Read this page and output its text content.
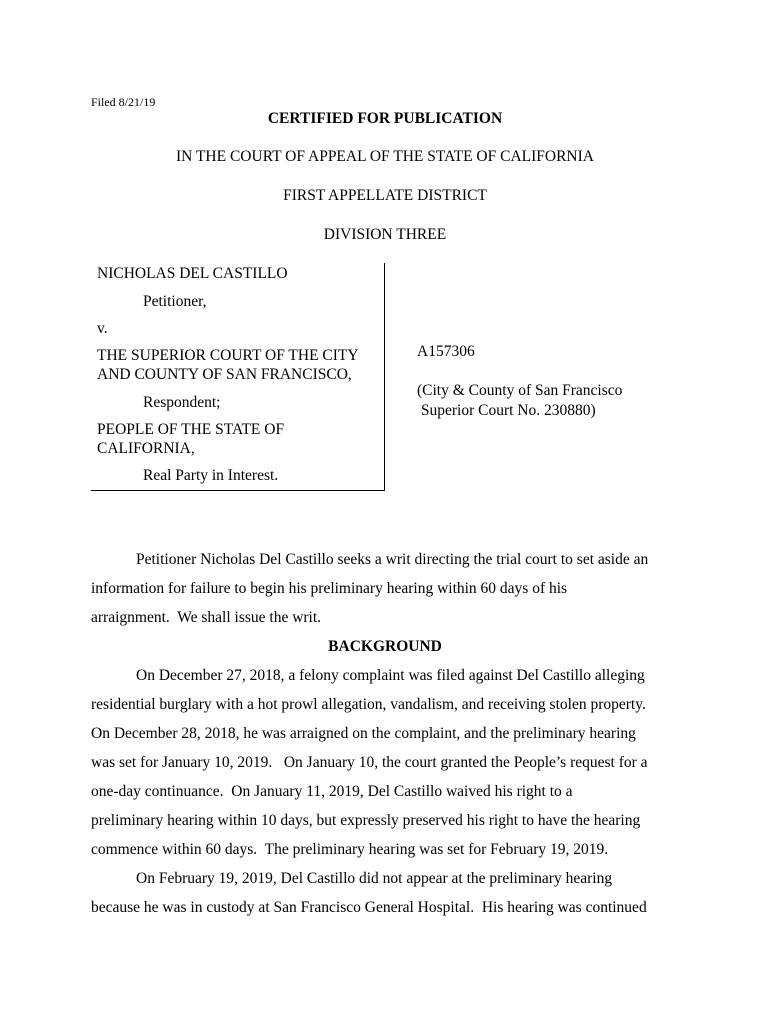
Filed 8/21/19
CERTIFIED FOR PUBLICATION
IN THE COURT OF APPEAL OF THE STATE OF CALIFORNIA
FIRST APPELLATE DISTRICT
DIVISION THREE
NICHOLAS DEL CASTILLO
Petitioner,
v.
THE SUPERIOR COURT OF THE CITY
AND COUNTY OF SAN FRANCISCO,
Respondent;
PEOPLE OF THE STATE OF
CALIFORNIA,
Real Party in Interest.
A157306
(City & County of San Francisco
Superior Court No. 230880)
Petitioner Nicholas Del Castillo seeks a writ directing the trial court to set aside an
information for failure to begin his preliminary hearing within 60 days of his
arraignment.  We shall issue the writ.
BACKGROUND
On December 27, 2018, a felony complaint was filed against Del Castillo alleging
residential burglary with a hot prowl allegation, vandalism, and receiving stolen property.
On December 28, 2018, he was arraigned on the complaint, and the preliminary hearing
was set for January 10, 2019.   On January 10, the court granted the People’s request for a
one-day continuance.  On January 11, 2019, Del Castillo waived his right to a
preliminary hearing within 10 days, but expressly preserved his right to have the hearing
commence within 60 days.  The preliminary hearing was set for February 19, 2019.
On February 19, 2019, Del Castillo did not appear at the preliminary hearing
because he was in custody at San Francisco General Hospital.  His hearing was continued
